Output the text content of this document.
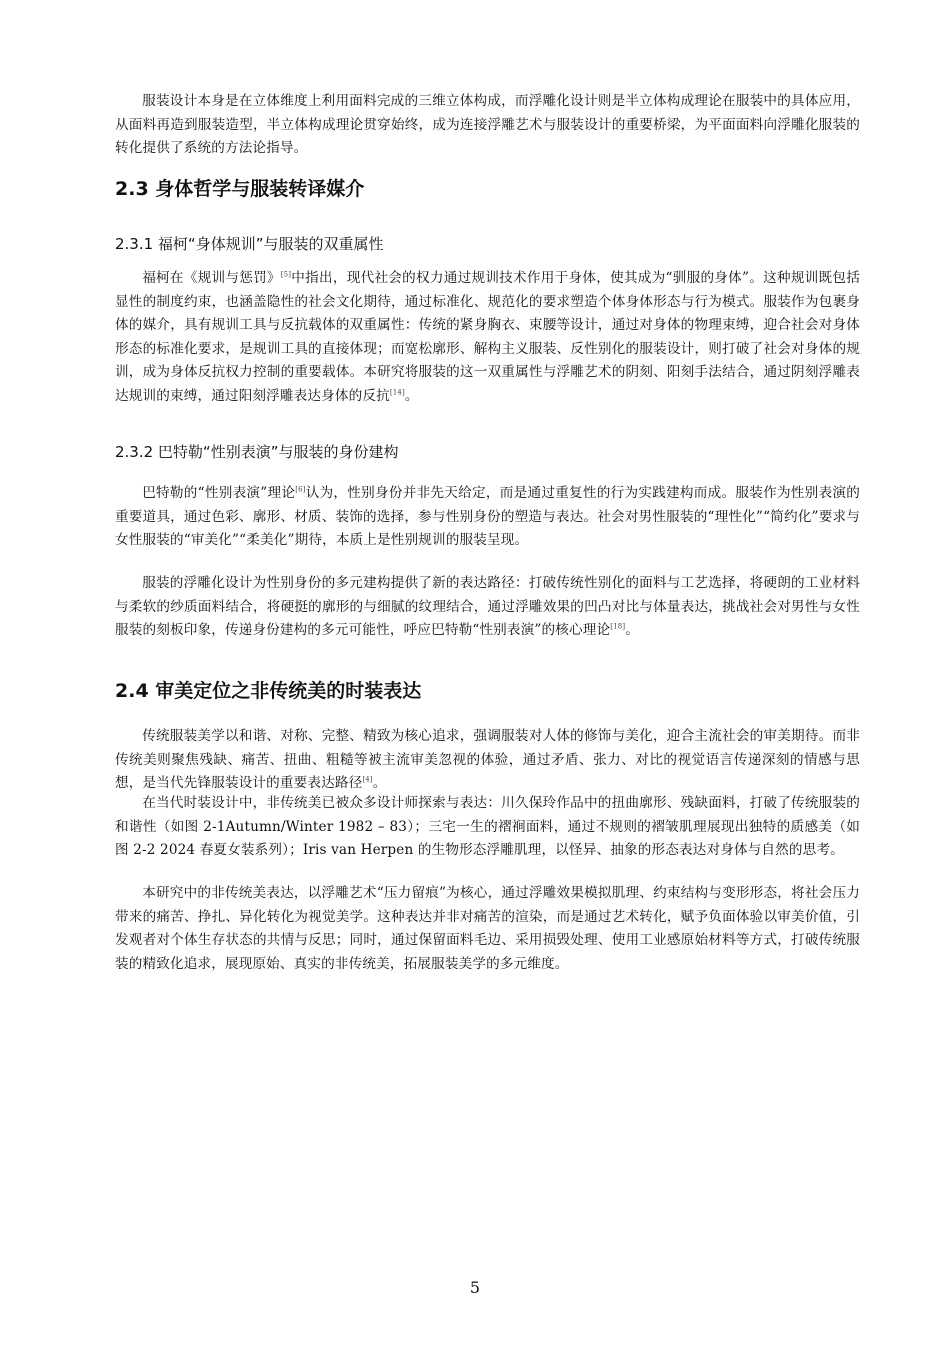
服装设计本身是在立体维度上利用面料完成的三维立体构成，而浮雕化设计则是半立体构成理论在服装中的具体应用，从面料再造到服装造型，半立体构成理论贯穿始终，成为连接浮雕艺术与服装设计的重要桥梁，为平面面料向浮雕化服装的转化提供了系统的方法论指导。

2.3 身体哲学与服装转译媒介
2.3.1 福柯“身体规训”与服装的双重属性

福柯在《规训与惩罚》[5]中指出，现代社会的权力通过规训技术作用于身体，使其成为“驯服的身体”。这种规训既包括显性的制度约束，也涵盖隐性的社会文化期待，通过标准化、规范化的要求塑造个体身体形态与行为模式。服装作为包裹身体的媒介，具有规训工具与反抗载体的双重属性：传统的紧身胸衣、束腰等设计，通过对身体的物理束缚，迎合社会对身体形态的标准化要求，是规训工具的直接体现；而宽松廓形、解构主义服装、反性别化的服装设计，则打破了社会对身体的规训，成为身体反抗权力控制的重要载体。本研究将服装的这一双重属性与浮雕艺术的阴刻、阳刻手法结合，通过阴刻浮雕表达规训的束缚，通过阳刻浮雕表达身体的反抗[14]。

2.3.2 巴特勒“性别表演”与服装的身份建构

巴特勒的“性别表演”理论[6]认为，性别身份并非先天给定，而是通过重复性的行为实践建构而成。服装作为性别表演的重要道具，通过色彩、廓形、材质、装饰的选择，参与性别身份的塑造与表达。社会对男性服装的“理性化”“简约化”要求与女性服装的“审美化”“柔美化”期待，本质上是性别规训的服装呈现。

服装的浮雕化设计为性别身份的多元建构提供了新的表达路径：打破传统性别化的面料与工艺选择，将硬朗的工业材料与柔软的纱质面料结合，将硬挺的廓形的与细腻的纹理结合，通过浮雕效果的凹凸对比与体量表达，挑战社会对男性与女性服装的刻板印象，传递身份建构的多元可能性，呼应巴特勒“性别表演”的核心理论[18]。

2.4 审美定位之非传统美的时装表达

传统服装美学以和谐、对称、完整、精致为核心追求，强调服装对人体的修饰与美化，迎合主流社会的审美期待。而非传统美则聚焦残缺、痛苦、扭曲、粗糙等被主流审美忽视的体验，通过矛盾、张力、对比的视觉语言传递深刻的情感与思想，是当代先锋服装设计的重要表达路径[4]。

在当代时装设计中，非传统美已被众多设计师探索与表达：川久保玲作品中的扭曲廓形、残缺面料，打破了传统服装的和谐性（如图 2-1Autumn/Winter 1982 – 83）；三宅一生的褶裥面料，通过不规则的褶皱肌理展现出独特的质感美（如图 2-2 2024 春夏女装系列）；Iris van Herpen 的生物形态浮雕肌理，以怪异、抽象的形态表达对身体与自然的思考。

本研究中的非传统美表达，以浮雕艺术“压力留痕”为核心，通过浮雕效果模拟肌理、约束结构与变形形态，将社会压力带来的痛苦、挣扎、异化转化为视觉美学。这种表达并非对痛苦的渲染，而是通过艺术转化，赋予负面体验以审美价值，引发观者对个体生存状态的共情与反思；同时，通过保留面料毛边、采用损毁处理、使用工业感原始材料等方式，打破传统服装的精致化追求，展现原始、真实的非传统美，拓展服装美学的多元维度。

5
